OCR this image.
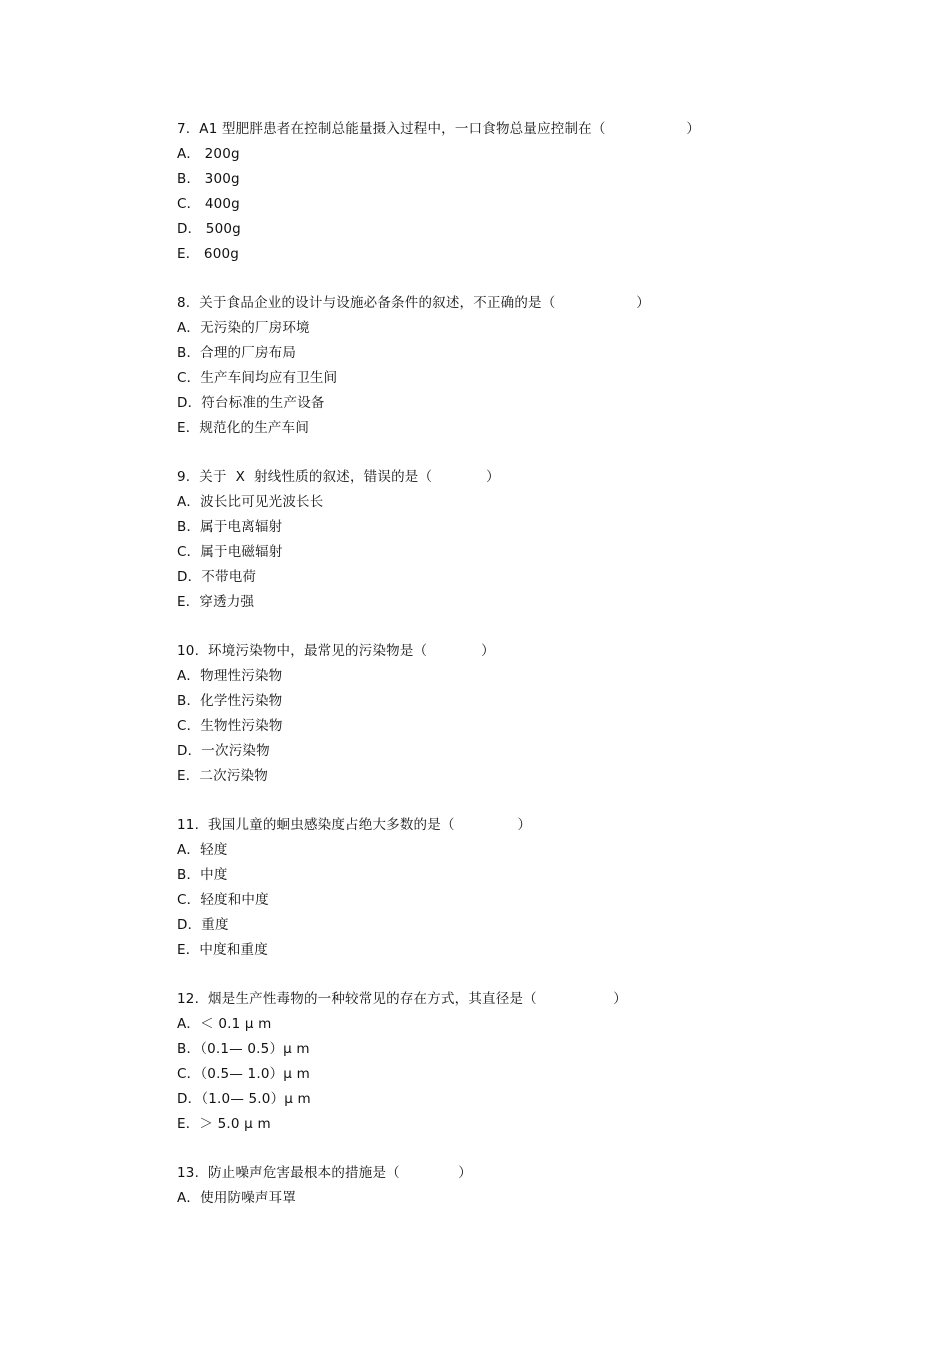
7.  A1 型肥胖患者在控制总能量摄入过程中，一口食物总量应控制在（                  ）
A． 200g
B． 300g
C． 400g
D． 500g
E． 600g
8.  关于食品企业的设计与设施必备条件的叙述，不正确的是（                  ）
A．无污染的厂房环境
B．合理的厂房布局
C．生产车间均应有卫生间
D．符台标准的生产设备
E．规范化的生产车间
9.  关于  X  射线性质的叙述，错误的是（            ）
A．波长比可见光波长长
B．属于电离辐射
C．属于电磁辐射
D．不带电荷
E．穿透力强
10.  环境污染物中，最常见的污染物是（            ）
A．物理性污染物
B．化学性污染物
C．生物性污染物
D．一次污染物
E．二次污染物
11.  我国儿童的蛔虫感染度占绝大多数的是（              ）
A．轻度
B．中度
C．轻度和中度
D．重度
E．中度和重度
12.  烟是生产性毒物的一种较常见的存在方式，其直径是（                 ）
A．＜ 0.1 μ m
B．（0.1— 0.5）μ m
C．（0.5— 1.0）μ m
D．（1.0— 5.0）μ m
E．＞ 5.0 μ m
13.  防止噪声危害最根本的措施是（             ）
A．使用防噪声耳罩
